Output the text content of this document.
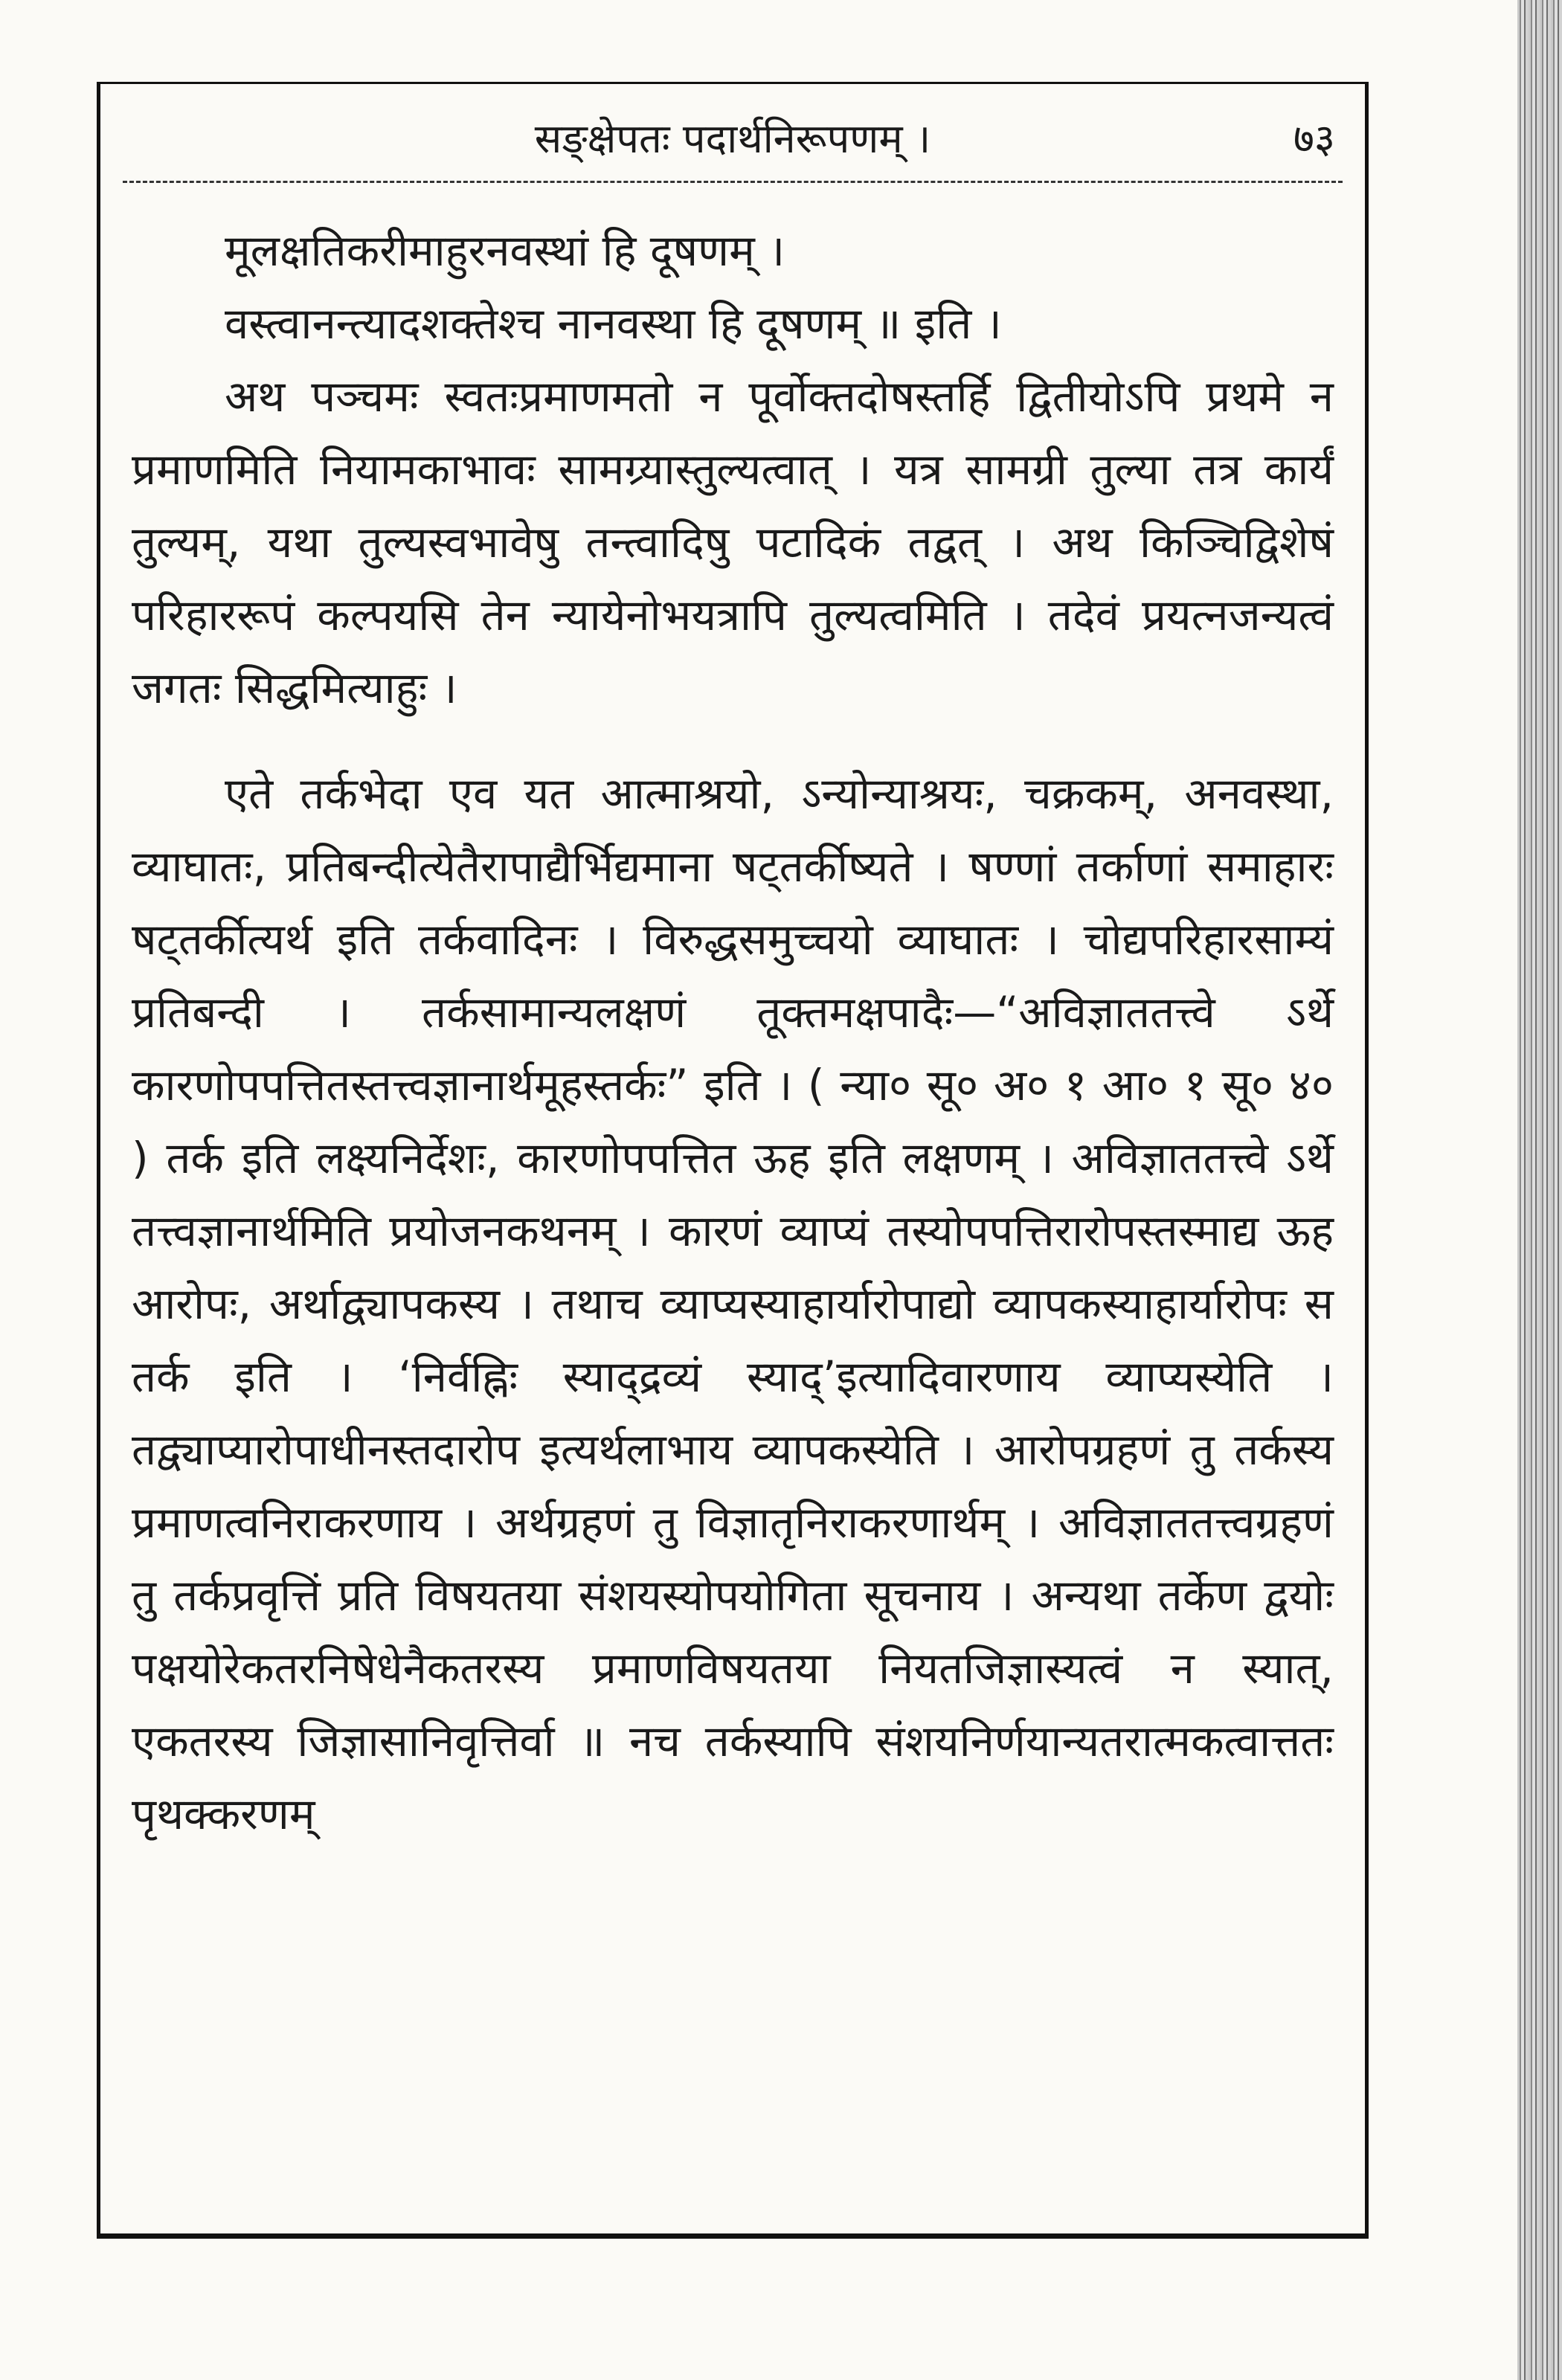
सङ्क्षेपतः पदार्थनिरूपणम् ।	७३
मूलक्षतिकरीमाहुरनवस्थां हि दूषणम् ।
वस्त्वानन्त्यादशक्तेश्च नानवस्था हि दूषणम् ॥ इति ।

अथ पञ्चमः स्वतःप्रमाणमतो न पूर्वोक्तदोषस्तर्हि द्वितीयोऽपि प्रथमे न प्रमाणमिति नियामकाभावः सामग्र्यास्तुल्यत्वात् । यत्र सामग्री तुल्या तत्र कार्यं तुल्यम्, यथा तुल्यस्वभावेषु तन्त्वादिषु पटादिकं तद्वत् । अथ किञ्चिद्विशेषं परिहाररूपं कल्पयसि तेन न्यायेनोभयत्रापि तुल्यत्वमिति । तदेवं प्रयत्नजन्यत्वं जगतः सिद्धमित्याहुः ।

एते तर्कभेदा एव यत आत्माश्रयो, ऽन्योन्याश्रयः, चक्रकम्, अनवस्था, व्याघातः, प्रतिबन्दीत्येतैरापाद्यैर्भिद्यमाना षट्तर्कीष्यते । षण्णां तर्काणां समाहारः षट्तर्कीत्यर्थ इति तर्कवादिनः । विरुद्धसमुच्चयो व्याघातः । चोद्यपरिहारसाम्यं प्रतिबन्दी । तर्कसामान्यलक्षणं तूक्तमक्षपादैः—“अविज्ञाततत्त्वे ऽर्थे कारणोपपत्तितस्तत्त्वज्ञानार्थमूहस्तर्कः” इति । ( न्या० सू० अ० १ आ० १ सू० ४० ) तर्क इति लक्ष्यनिर्देशः, कारणोपपत्तित ऊह इति लक्षणम् । अविज्ञाततत्त्वे ऽर्थे तत्त्वज्ञानार्थमिति प्रयोजनकथनम् । कारणं व्याप्यं तस्योपपत्तिरारोपस्तस्माद्य ऊह आरोपः, अर्थाद्व्यापकस्य । तथाच व्याप्यस्याहार्यारोपाद्यो व्यापकस्याहार्यारोपः स तर्क इति । ‘निर्वह्निः स्याद्द्रव्यं स्याद्’इत्यादिवारणाय व्याप्यस्येति । तद्व्याप्यारोपाधीनस्तदारोप इत्यर्थलाभाय व्यापकस्येति । आरोपग्रहणं तु तर्कस्य प्रमाणत्वनिराकरणाय । अर्थग्रहणं तु विज्ञातृनिराकरणार्थम् । अविज्ञाततत्त्वग्रहणं तु तर्कप्रवृत्तिं प्रति विषयतया संशयस्योपयोगिता सूचनाय । अन्यथा तर्केण द्वयोः पक्षयोरेकतरनिषेधेनैकतरस्य प्रमाणविषयतया नियतजिज्ञास्यत्वं न स्यात्, एकतरस्य जिज्ञासानिवृत्तिर्वा ॥ नच तर्कस्यापि संशयनिर्णयान्यतरात्मकत्वात्ततः पृथक्करणम्
